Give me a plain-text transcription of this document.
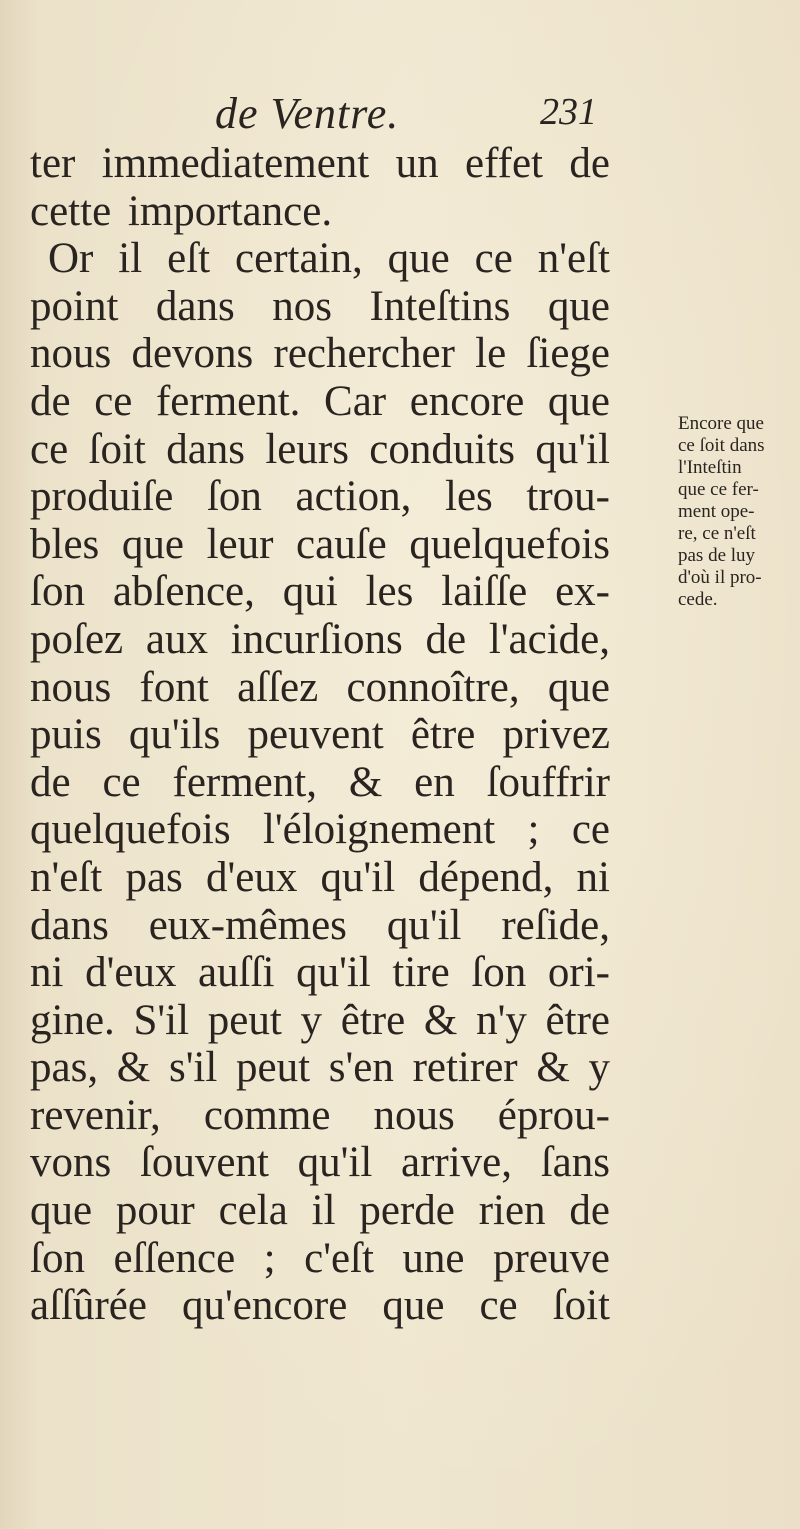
de Ventre.	231
ter immediatement un effet de
cette importance.
Or il eſt certain, que ce n'eſt
point dans nos Inteſtins que
nous devons rechercher le ſiege
de ce ferment. Car encore que
ce ſoit dans leurs conduits qu'il
produiſe ſon action, les trou-
bles que leur cauſe quelquefois
ſon abſence, qui les laiſſe ex-
poſez aux incurſions de l'acide,
nous font aſſez connoître, que
puis qu'ils peuvent être privez
de ce ferment, & en ſouffrir
quelquefois l'éloignement ; ce
n'eſt pas d'eux qu'il dépend, ni
dans eux-mêmes qu'il reſide,
ni d'eux auſſi qu'il tire ſon ori-
gine. S'il peut y être & n'y être
pas, & s'il peut s'en retirer & y
revenir, comme nous éprou-
vons ſouvent qu'il arrive, ſans
que pour cela il perde rien de
ſon eſſence ; c'eſt une preuve
aſſûrée qu'encore que ce ſoit
Encore que
ce ſoit dans
l'Inteſtin
que ce fer-
ment ope-
re, ce n'eſt
pas de luy
d'où il pro-
cede.
